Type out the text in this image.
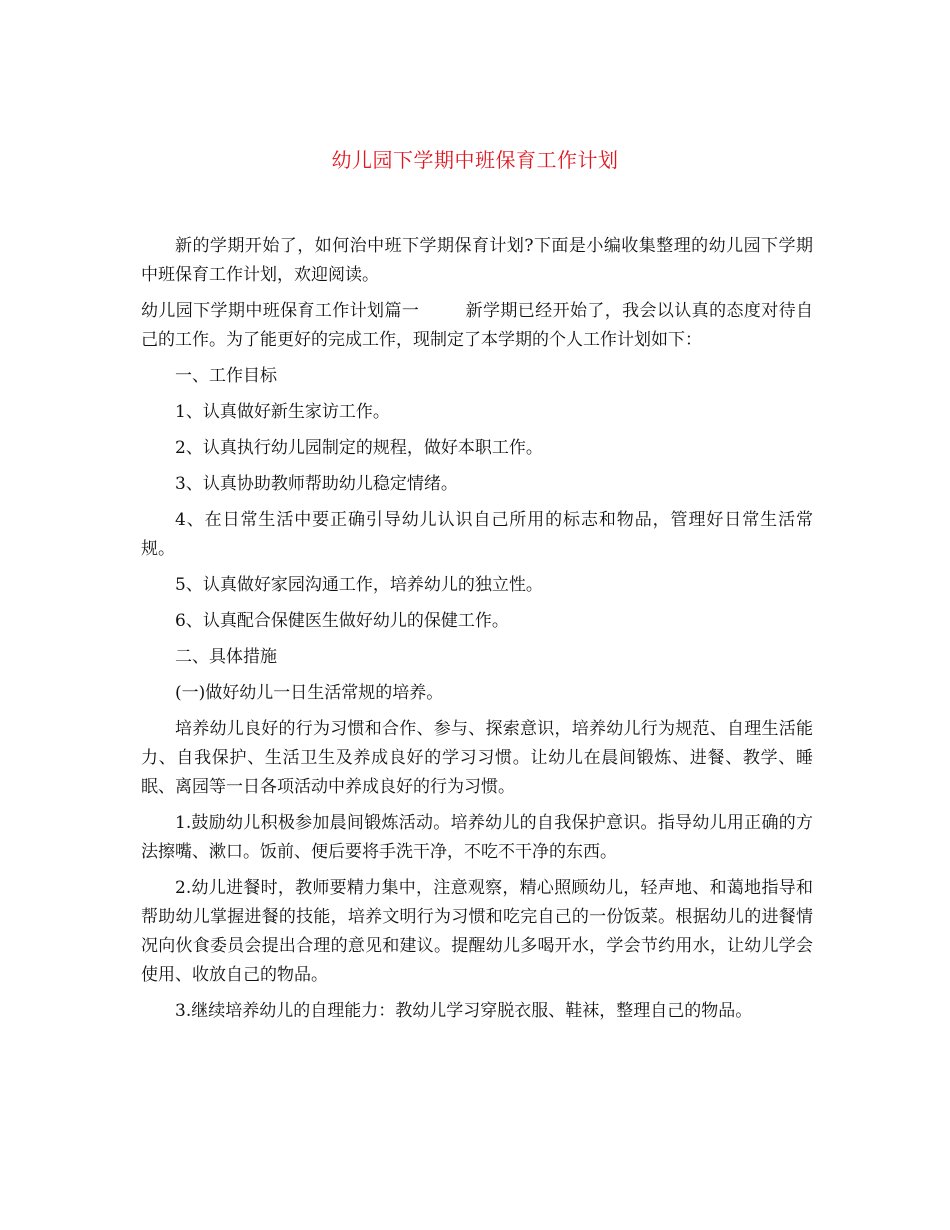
幼儿园下学期中班保育工作计划

新的学期开始了，如何治中班下学期保育计划?下面是小编收集整理的幼儿园下学期中班保育工作计划，欢迎阅读。

幼儿园下学期中班保育工作计划篇一	新学期已经开始了，我会以认真的态度对待自己的工作。为了能更好的完成工作，现制定了本学期的个人工作计划如下：

一、工作目标

1、认真做好新生家访工作。

2、认真执行幼儿园制定的规程，做好本职工作。

3、认真协助教师帮助幼儿稳定情绪。

4、在日常生活中要正确引导幼儿认识自己所用的标志和物品，管理好日常生活常规。

5、认真做好家园沟通工作，培养幼儿的独立性。

6、认真配合保健医生做好幼儿的保健工作。

二、具体措施

(一)做好幼儿一日生活常规的培养。

培养幼儿良好的行为习惯和合作、参与、探索意识，培养幼儿行为规范、自理生活能力、自我保护、生活卫生及养成良好的学习习惯。让幼儿在晨间锻炼、进餐、教学、睡眠、离园等一日各项活动中养成良好的行为习惯。

1.鼓励幼儿积极参加晨间锻炼活动。培养幼儿的自我保护意识。指导幼儿用正确的方法擦嘴、漱口。饭前、便后要将手洗干净，不吃不干净的东西。

2.幼儿进餐时，教师要精力集中，注意观察，精心照顾幼儿，轻声地、和蔼地指导和帮助幼儿掌握进餐的技能，培养文明行为习惯和吃完自己的一份饭菜。根据幼儿的进餐情况向伙食委员会提出合理的意见和建议。提醒幼儿多喝开水，学会节约用水，让幼儿学会使用、收放自己的物品。

3.继续培养幼儿的自理能力：教幼儿学习穿脱衣服、鞋袜，整理自己的物品。
